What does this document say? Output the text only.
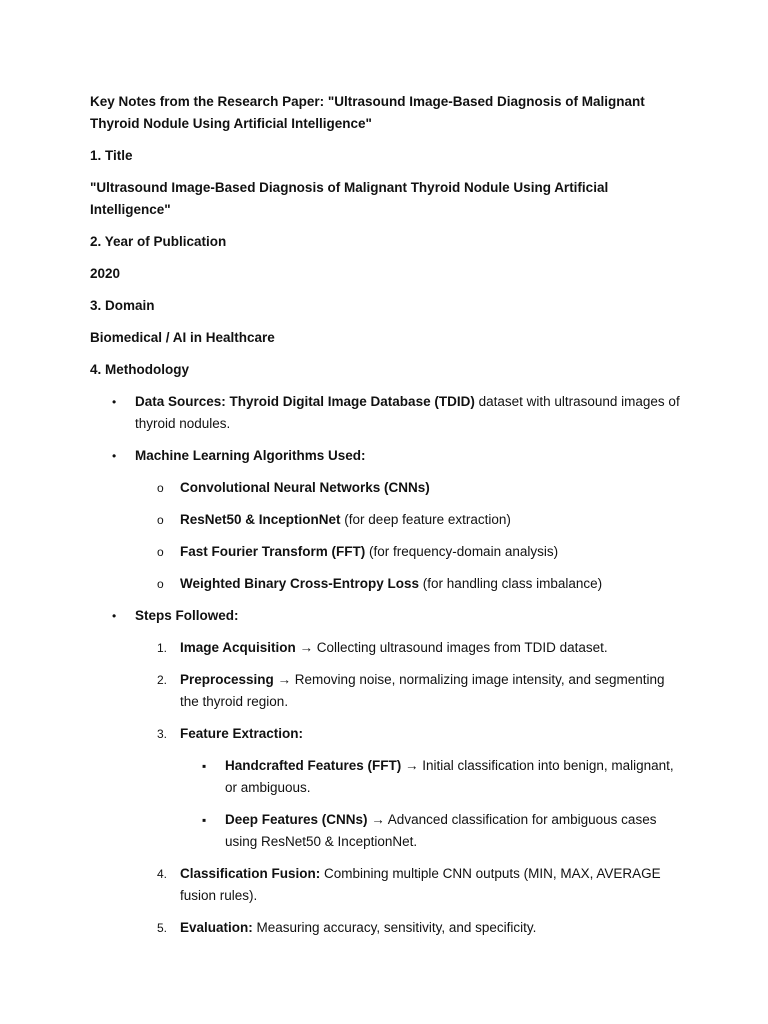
Key Notes from the Research Paper: "Ultrasound Image-Based Diagnosis of Malignant Thyroid Nodule Using Artificial Intelligence"

1. Title

"Ultrasound Image-Based Diagnosis of Malignant Thyroid Nodule Using Artificial Intelligence"

2. Year of Publication

2020

3. Domain

Biomedical / AI in Healthcare

4. Methodology

• Data Sources: Thyroid Digital Image Database (TDID) dataset with ultrasound images of thyroid nodules.
• Machine Learning Algorithms Used:
o Convolutional Neural Networks (CNNs)
o ResNet50 & InceptionNet (for deep feature extraction)
o Fast Fourier Transform (FFT) (for frequency-domain analysis)
o Weighted Binary Cross-Entropy Loss (for handling class imbalance)
• Steps Followed:
1. Image Acquisition → Collecting ultrasound images from TDID dataset.
2. Preprocessing → Removing noise, normalizing image intensity, and segmenting the thyroid region.
3. Feature Extraction:
▪ Handcrafted Features (FFT) → Initial classification into benign, malignant, or ambiguous.
▪ Deep Features (CNNs) → Advanced classification for ambiguous cases using ResNet50 & InceptionNet.
4. Classification Fusion: Combining multiple CNN outputs (MIN, MAX, AVERAGE fusion rules).
5. Evaluation: Measuring accuracy, sensitivity, and specificity.
